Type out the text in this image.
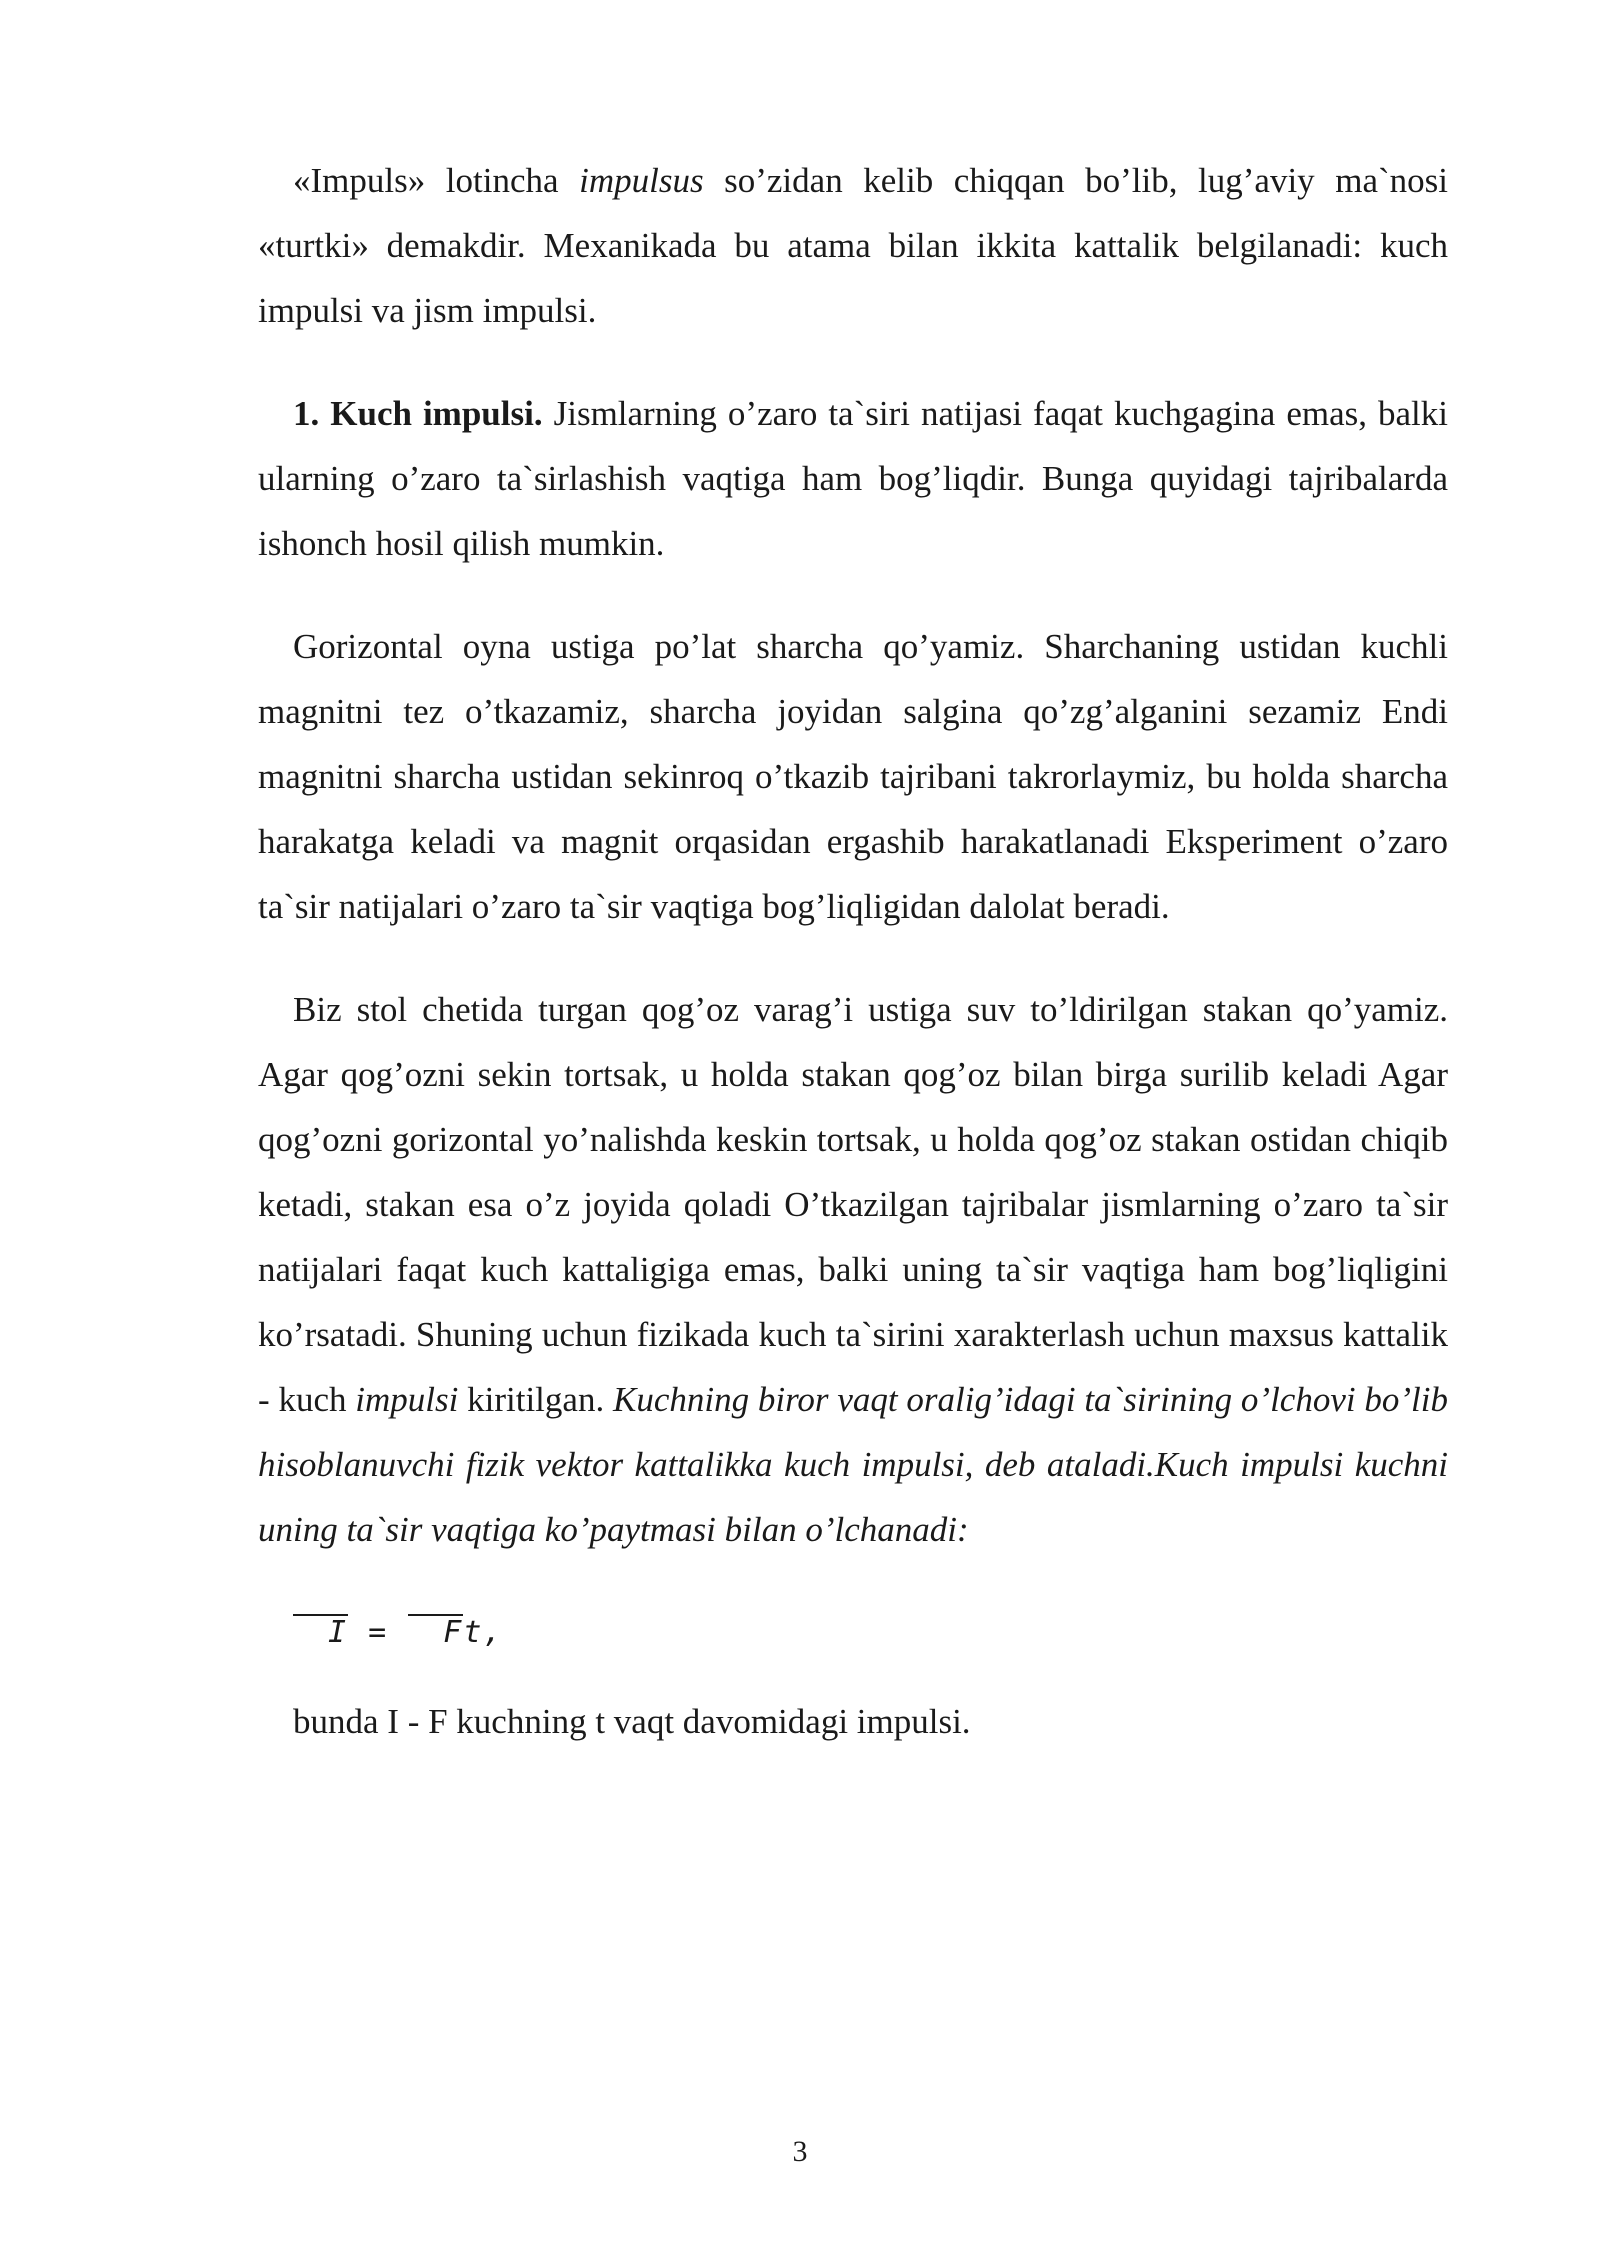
«Impuls» lotincha impulsus so’zidan kelib chiqqan bo’lib, lug’aviy ma`nosi «turtki» demakdir. Mexanikada bu atama bilan ikkita kattalik belgilanadi: kuch impulsi va jism impulsi.

1. Kuch impulsi. Jismlarning o’zaro ta`siri natijasi faqat kuchgagina emas, balki ularning o’zaro ta`sirlashish vaqtiga ham bog’liqdir. Bunga quyidagi tajribalarda ishonch hosil qilish mumkin.

Gorizontal oyna ustiga po’lat sharcha qo’yamiz. Sharchaning ustidan kuchli magnitni tez o’tkazamiz, sharcha joyidan salgina qo’zg’alganini sezamiz Endi magnitni sharcha ustidan sekinroq o’tkazib tajribani takrorlaymiz, bu holda sharcha harakatga keladi va magnit orqasidan ergashib harakatlanadi Eksperiment o’zaro ta`sir natijalari o’zaro ta`sir vaqtiga bog’liqligidan dalolat beradi.

Biz stol chetida turgan qog’oz varag’i ustiga suv to’ldirilgan stakan qo’yamiz. Agar qog’ozni sekin tortsak, u holda stakan qog’oz bilan birga surilib keladi Agar qog’ozni gorizontal yo’nalishda keskin tortsak, u holda qog’oz stakan ostidan chiqib ketadi, stakan esa o’z joyida qoladi O’tkazilgan tajribalar jismlarning o’zaro ta`sir natijalari faqat kuch kattaligiga emas, balki uning ta`sir vaqtiga ham bog’liqligini ko’rsatadi. Shuning uchun fizikada kuch ta`sirini xarakterlash uchun maxsus kattalik - kuch impulsi kiritilgan. Kuchning biror vaqt oralig’idagi ta`sirining o’lchovi bo’lib hisoblanuvchi fizik vektor kattalikka kuch impulsi, deb ataladi.Kuch impulsi kuchni uning ta`sir vaqtiga ko’paytmasi bilan o’lchanadi:

I = Ft,

bunda I - F kuchning t vaqt davomidagi impulsi.

3
